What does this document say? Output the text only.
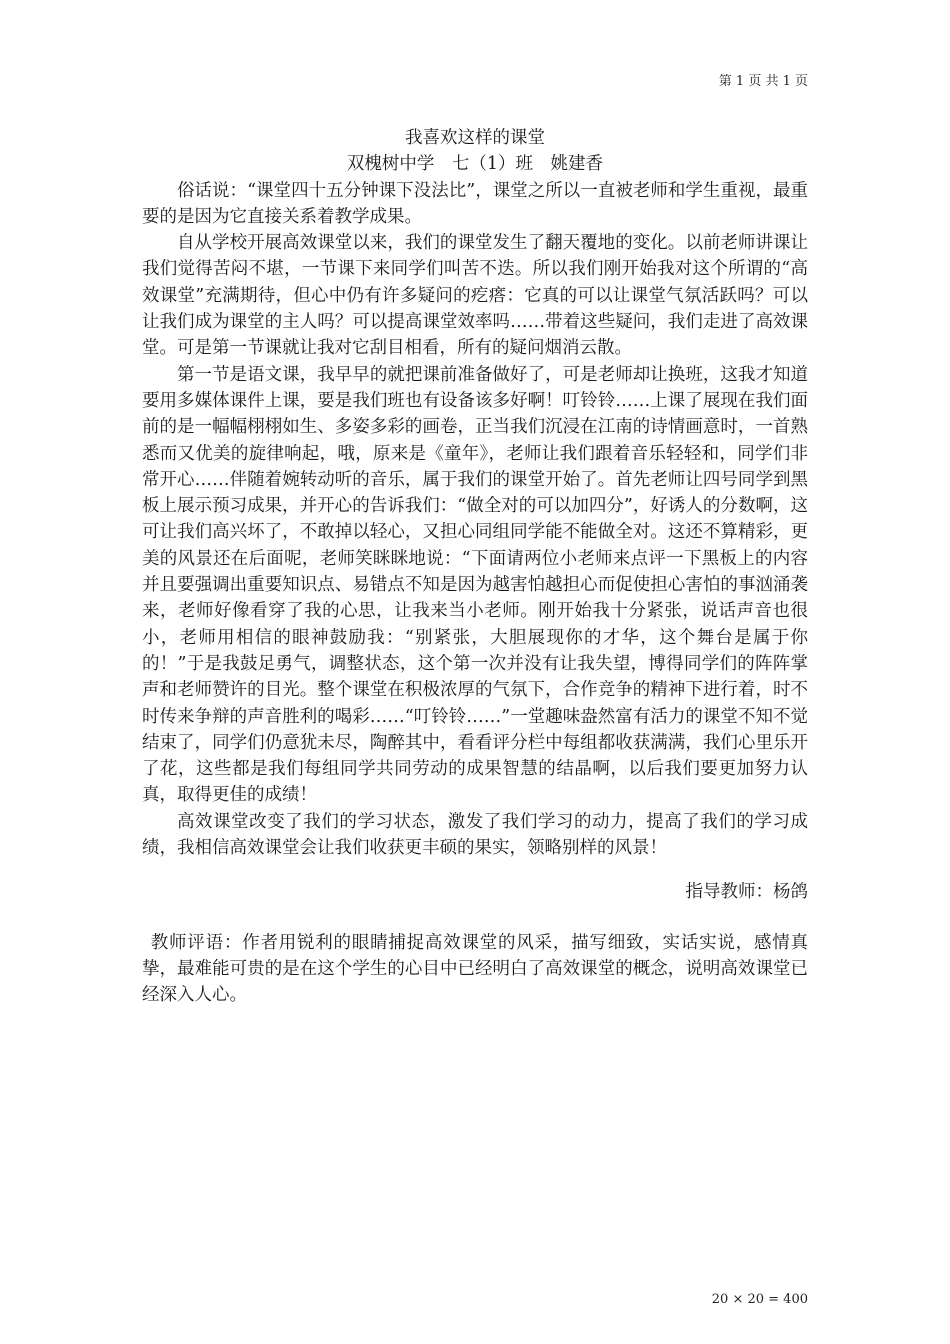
第 1 页 共 1 页
我喜欢这样的课堂
双槐树中学　七（1）班　姚建香
俗话说：“课堂四十五分钟课下没法比”，课堂之所以一直被老师和学生重视，最重要的是因为它直接关系着教学成果。
自从学校开展高效课堂以来，我们的课堂发生了翻天覆地的变化。以前老师讲课让我们觉得苦闷不堪，一节课下来同学们叫苦不迭。所以我们刚开始我对这个所谓的“高效课堂”充满期待，但心中仍有许多疑问的疙瘩：它真的可以让课堂气氛活跃吗？可以让我们成为课堂的主人吗？可以提高课堂效率吗……带着这些疑问，我们走进了高效课堂。可是第一节课就让我对它刮目相看，所有的疑问烟消云散。
第一节是语文课，我早早的就把课前准备做好了，可是老师却让换班，这我才知道要用多媒体课件上课，要是我们班也有设备该多好啊！叮铃铃……上课了展现在我们面前的是一幅幅栩栩如生、多姿多彩的画卷，正当我们沉浸在江南的诗情画意时，一首熟悉而又优美的旋律响起，哦，原来是《童年》，老师让我们跟着音乐轻轻和，同学们非常开心……伴随着婉转动听的音乐，属于我们的课堂开始了。首先老师让四号同学到黑板上展示预习成果，并开心的告诉我们：“做全对的可以加四分”，好诱人的分数啊，这可让我们高兴坏了，不敢掉以轻心，又担心同组同学能不能做全对。这还不算精彩，更美的风景还在后面呢，老师笑眯眯地说：“下面请两位小老师来点评一下黑板上的内容并且要强调出重要知识点、易错点不知是因为越害怕越担心而促使担心害怕的事汹涌袭来，老师好像看穿了我的心思，让我来当小老师。刚开始我十分紧张，说话声音也很小，老师用相信的眼神鼓励我：“别紧张，大胆展现你的才华，这个舞台是属于你的！”于是我鼓足勇气，调整状态，这个第一次并没有让我失望，博得同学们的阵阵掌声和老师赞许的目光。整个课堂在积极浓厚的气氛下，合作竞争的精神下进行着，时不时传来争辩的声音胜利的喝彩……“叮铃铃……”一堂趣味盎然富有活力的课堂不知不觉结束了，同学们仍意犹未尽，陶醉其中，看看评分栏中每组都收获满满，我们心里乐开了花，这些都是我们每组同学共同劳动的成果智慧的结晶啊，以后我们要更加努力认真，取得更佳的成绩！
高效课堂改变了我们的学习状态，激发了我们学习的动力，提高了我们的学习成绩，我相信高效课堂会让我们收获更丰硕的果实，领略别样的风景！
指导教师：杨鸽
教师评语：作者用锐利的眼睛捕捉高效课堂的风采，描写细致，实话实说，感情真挚，最难能可贵的是在这个学生的心目中已经明白了高效课堂的概念，说明高效课堂已经深入人心。
20 × 20 = 400
